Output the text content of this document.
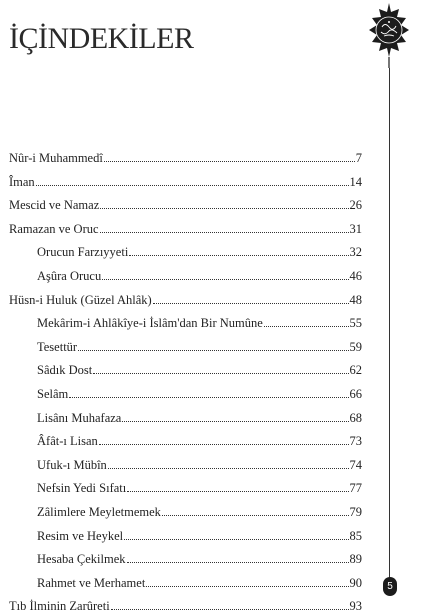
İÇİNDEKİLER
5
Nûr-i Muhammedî	7
Îman	14
Mescid ve Namaz	26
Ramazan ve Oruc	31
Orucun Farzıyyeti	32
Aşûra Orucu	46
Hüsn-i Huluk (Güzel Ahlâk)	48
Mekârim-i Ahlâkîye-i İslâm'dan Bir Numûne	55
Tesettür	59
Sâdık Dost	62
Selâm	66
Lisânı Muhafaza	68
Âfât-ı Lisan	73
Ufuk-ı Mübîn	74
Nefsin Yedi Sıfatı	77
Zâlimlere Meyletmemek	79
Resim ve Heykel	85
Hesaba Çekilmek	89
Rahmet ve Merhamet	90
Tıb İlminin Zarûreti	93
